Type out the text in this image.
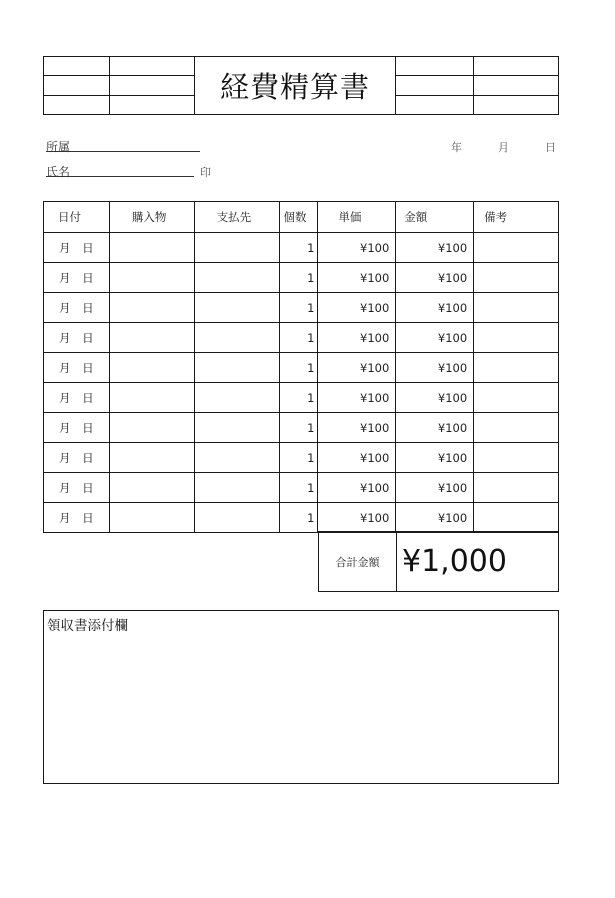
		経費精算書		

所属
氏名	印
年	月	日
日付	購入物	支払先	個数	単価	金額	備考
月 日			1	¥100	¥100	
月 日			1	¥100	¥100	
月 日			1	¥100	¥100	
月 日			1	¥100	¥100	
月 日			1	¥100	¥100	
月 日			1	¥100	¥100	
月 日			1	¥100	¥100	
月 日			1	¥100	¥100	
月 日			1	¥100	¥100	
月 日			1	¥100	¥100	
合計金額	¥1,000
領収書添付欄
